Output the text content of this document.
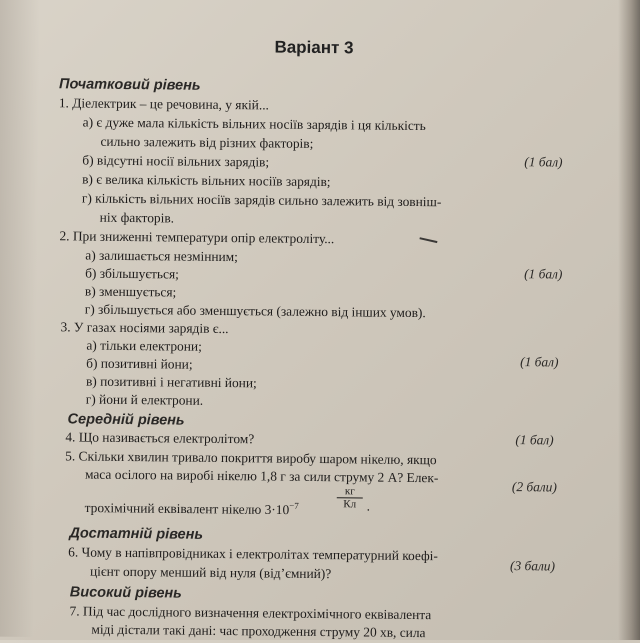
Варіант 3
Початковий рівень
1. Діелектрик – це речовина, у якій...
а) є дуже мала кількість вільних носіїв зарядів і ця кількість
сильно залежить від різних факторів;
б) відсутні носії вільних зарядів;	(1 бал)
в) є велика кількість вільних носіїв зарядів;
г) кількість вільних носіїв зарядів сильно залежить від зовніш-
ніх факторів.
2. При зниженні температури опір електроліту...
а) залишається незмінним;
б) збільшується;	(1 бал)
в) зменшується;
г) збільшується або зменшується (залежно від інших умов).
3. У газах носіями зарядів є...
а) тільки електрони;
б) позитивні йони;	(1 бал)
в) позитивні і негативні йони;
г) йони й електрони.
Середній рівень
4. Що називається електролітом?	(1 бал)
5. Скільки хвилин тривало покриття виробу шаром нікелю, якщо
маса осілого на виробі нікелю 1,8 г за сили струму 2 А? Елек-
(2 бали)
трохімічний еквівалент нікелю $3\cdot 10^{-7}$
кг
Кл .
Достатній рівень
6. Чому в напівпровідниках і електролітах температурний коефі-
цієнт опору менший від нуля (від’ємний)?	(3 бали)
Високий рівень
7. Під час дослідного визначення електрохімічного еквівалента
міді дістали такі дані: час проходження струму 20 хв, сила
